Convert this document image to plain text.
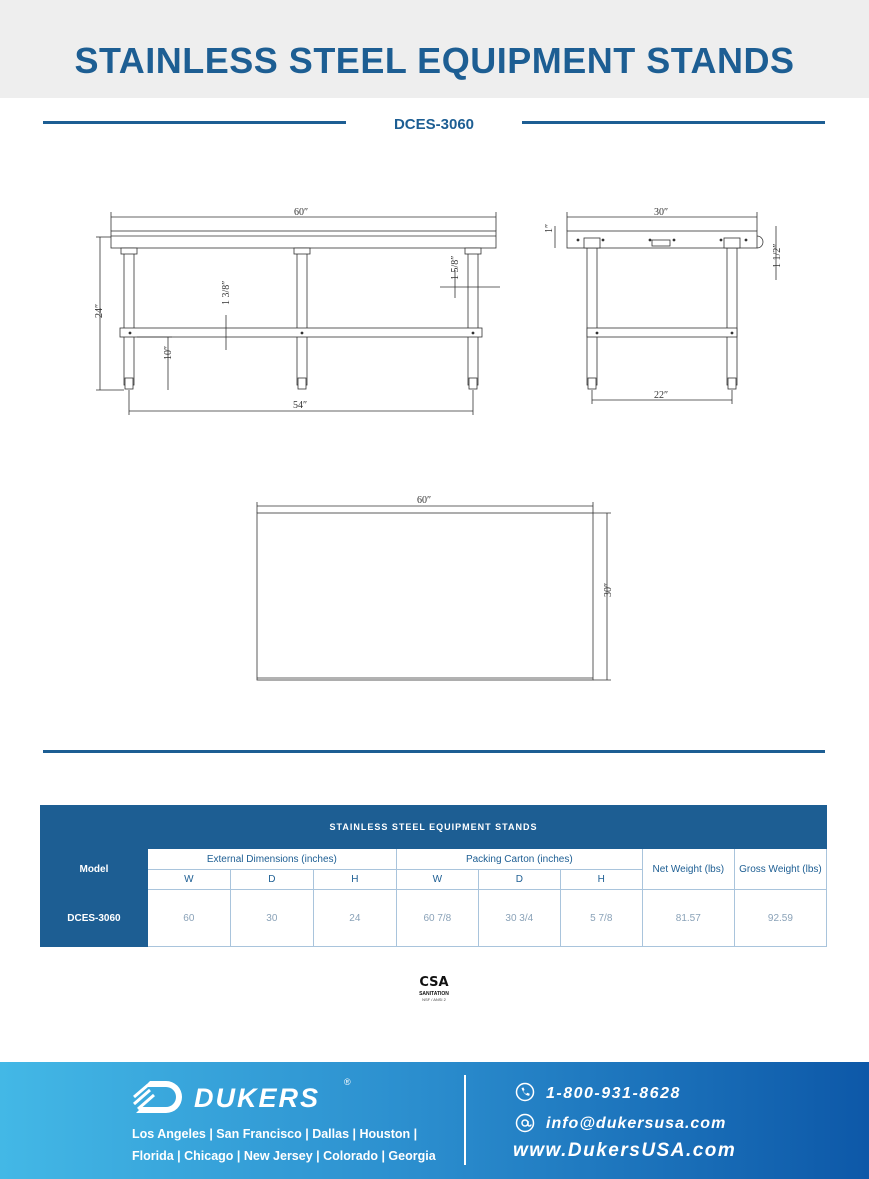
STAINLESS STEEL EQUIPMENT STANDS
DCES-3060
60″
54″
24″
10″
1 3/8″
1 5/8″
30″
22″
1″
1 1/2″
60″
30″
STAINLESS STEEL EQUIPMENT STANDS								
Model	External Dimensions (inches)			Packing Carton (inches)			Net Weight (lbs)	Gross Weight (lbs)
	W	D	H	W	D	H		
DCES-3060	60	30	24	60 7/8	30 3/4	5 7/8	81.57	92.59
CSA
SANITATION
NSF / ANSI 2
DUKERS
®
Los Angeles | San Francisco | Dallas | Houston |
Florida | Chicago | New Jersey | Colorado | Georgia
1-800-931-8628
info@dukersusa.com
www.DukersUSA.com
